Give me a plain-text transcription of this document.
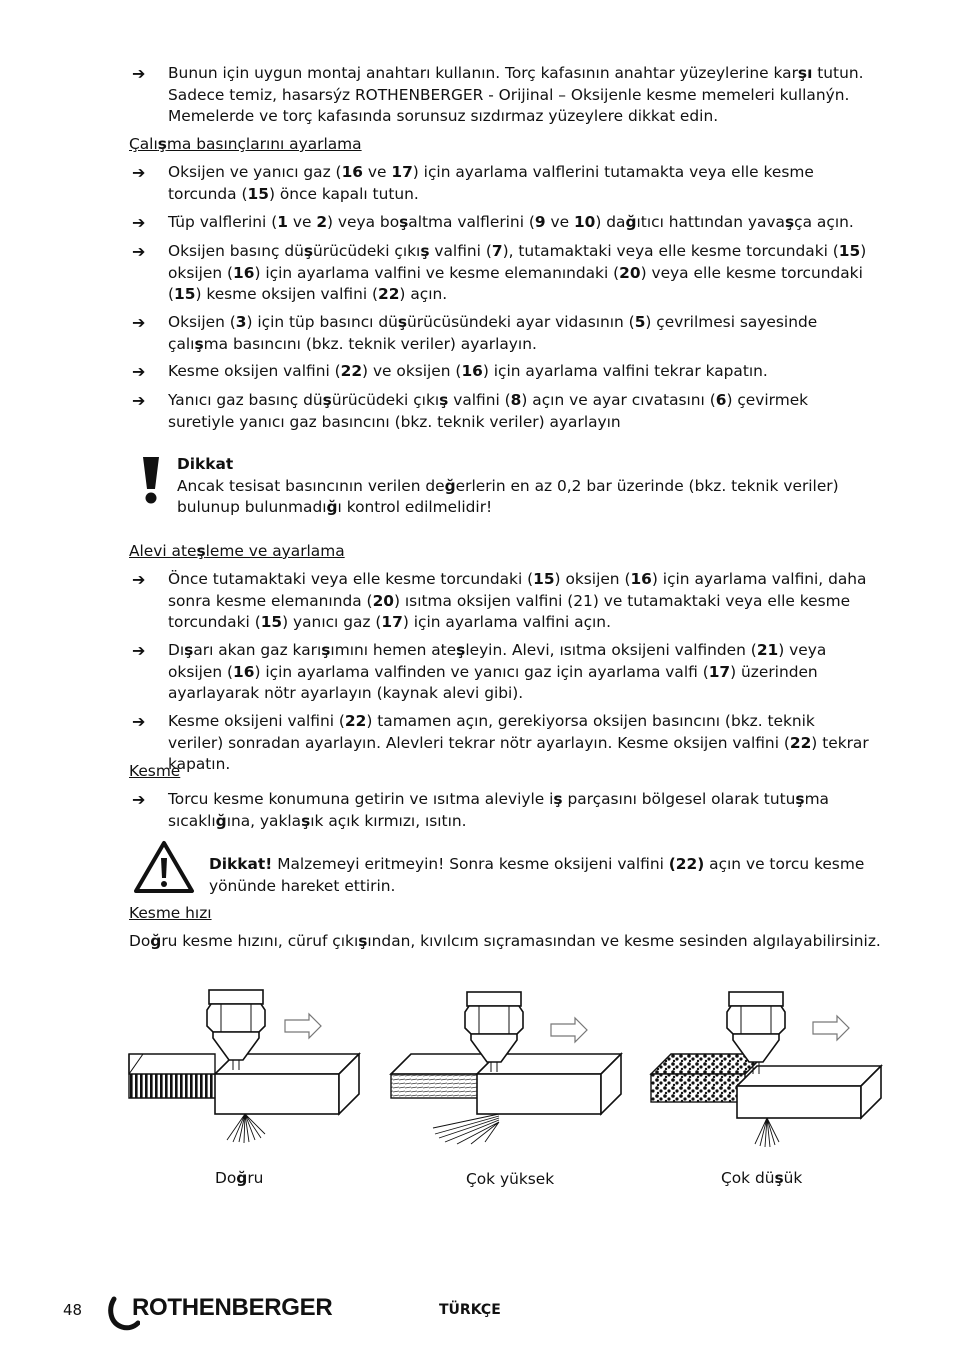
➔ Bunun için uygun montaj anahtarı kullanın. Torç kafasının anahtar yüzeylerine karşı tutun. Sadece temiz, hasarsýz ROTHENBERGER - Orijinal – Oksijenle kesme memeleri kullanýn. Memelerde ve torç kafasında sorunsuz sızdırmaz yüzeylere dikkat edin.
Çalışma basınçlarını ayarlama
➔ Oksijen ve yanıcı gaz (16 ve 17) için ayarlama valflerini tutamakta veya elle kesme torcunda (15) önce kapalı tutun.
➔ Tüp valflerini (1 ve 2) veya boşaltma valflerini (9 ve 10) dağıtıcı hattından yavaşça açın.
➔ Oksijen basınç düşürücüdeki çıkış valfini (7), tutamaktaki veya elle kesme torcundaki (15) oksijen (16) için ayarlama valfini ve kesme elemanındaki (20) veya elle kesme torcundaki (15) kesme oksijen valfini (22) açın.
➔ Oksijen (3) için tüp basıncı düşürücüsündeki ayar vidasının (5) çevrilmesi sayesinde çalışma basıncını (bkz. teknik veriler) ayarlayın.
➔ Kesme oksijen valfini (22) ve oksijen (16) için ayarlama valfini tekrar kapatın.
➔ Yanıcı gaz basınç düşürücüdeki çıkış valfini (8) açın ve ayar cıvatasını (6) çevirmek suretiyle yanıcı gaz basıncını (bkz. teknik veriler) ayarlayın
Dikkat
Ancak tesisat basıncının verilen değerlerin en az 0,2 bar üzerinde (bkz. teknik veriler) bulunup bulunmadığı kontrol edilmelidir!
Alevi ateşleme ve ayarlama
➔ Önce tutamaktaki veya elle kesme torcundaki (15) oksijen (16) için ayarlama valfini, daha sonra kesme elemanında (20) ısıtma oksijen valfini (21) ve tutamaktaki veya elle kesme torcundaki (15) yanıcı gaz (17) için ayarlama valfini açın.
➔ Dışarı akan gaz karışımını hemen ateşleyin. Alevi, ısıtma oksijeni valfinden (21) veya oksijen (16) için ayarlama valfinden ve yanıcı gaz için ayarlama valfi (17) üzerinden ayarlayarak nötr ayarlayın (kaynak alevi gibi).
➔ Kesme oksijeni valfini (22) tamamen açın, gerekiyorsa oksijen basıncını (bkz. teknik veriler) sonradan ayarlayın. Alevleri tekrar nötr ayarlayın. Kesme oksijen valfini (22) tekrar kapatın.
Kesme
➔ Torcu kesme konumuna getirin ve ısıtma aleviyle iş parçasını bölgesel olarak tutuşma sıcaklığına, yaklaşık açık kırmızı, ısıtın.
Dikkat! Malzemeyi eritmeyin! Sonra kesme oksijeni valfini (22) açın ve torcu kesme yönünde hareket ettirin.
Kesme hızı
Doğru kesme hızını, cüruf çıkışından, kıvılcım sıçramasından ve kesme sesinden algılayabilirsiniz.
Doğru	Çok yüksek	Çok düşük
48 ROTHENBERGER	TÜRKÇE
